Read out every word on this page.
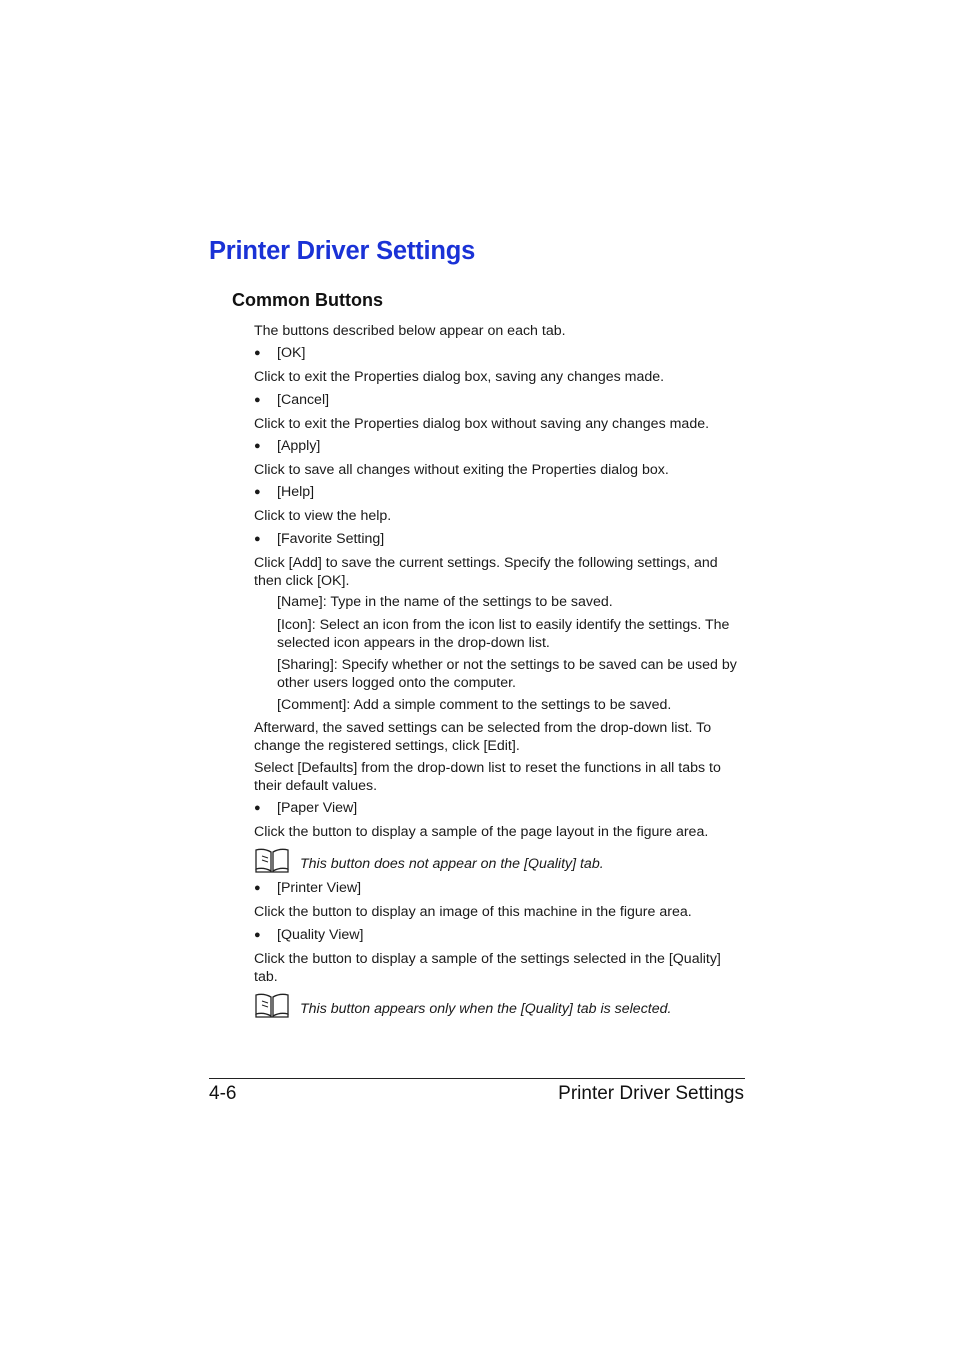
Printer Driver Settings
Common Buttons

The buttons described below appear on each tab.

● [OK]

Click to exit the Properties dialog box, saving any changes made.

● [Cancel]

Click to exit the Properties dialog box without saving any changes made.

● [Apply]

Click to save all changes without exiting the Properties dialog box.

● [Help]

Click to view the help.

● [Favorite Setting]

Click [Add] to save the current settings. Specify the following settings, and then click [OK].

[Name]: Type in the name of the settings to be saved.

[Icon]: Select an icon from the icon list to easily identify the settings. The selected icon appears in the drop-down list.

[Sharing]: Specify whether or not the settings to be saved can be used by other users logged onto the computer.

[Comment]: Add a simple comment to the settings to be saved.

Afterward, the saved settings can be selected from the drop-down list. To change the registered settings, click [Edit].

Select [Defaults] from the drop-down list to reset the functions in all tabs to their default values.

● [Paper View]

Click the button to display a sample of the page layout in the figure area.

This button does not appear on the [Quality] tab.
● [Printer View]

Click the button to display an image of this machine in the figure area.

● [Quality View]

Click the button to display a sample of the settings selected in the [Quality] tab.

This button appears only when the [Quality] tab is selected.
4-6	Printer Driver Settings
